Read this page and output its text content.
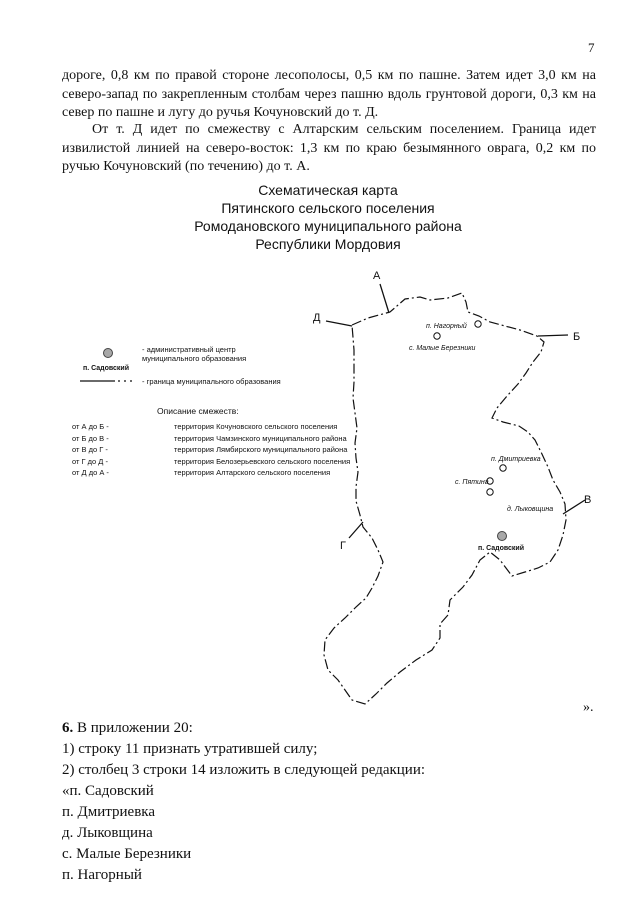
7

дороге, 0,8 км по правой стороне лесополосы, 0,5 км по пашне. Затем идет 3,0 км на северо-запад по закрепленным столбам через пашню вдоль грунтовой дороги, 0,3 км на север по пашне и лугу до ручья Кочуновский до т. Д.

От т. Д идет по смежеству с Алтарским сельским поселением. Граница идет извилистой линией на северо-восток: 1,3 км по краю безымянного оврага, 0,2 км по ручью Кочуновский (по течению) до т. А.

Схематическая карта
Пятинского сельского поселения
Ромодановского муниципального района
Республики Мордовия
А
Д
Б
В
Г
п. Нагорный
с. Малые Березники
п. Дмитриевка
с. Пятина
д. Лыковщина
п. Садовский
п. Садовский
- административный центр муниципального образования
- граница муниципального образования
Описание смежеств:
от А до Б -	территория Кочуновского сельского поселения
от Б до В -	территория Чамзинского муниципального района
от В до Г -	территория Лямбирского муниципального района
от Г до Д -	территория Белозерьевского сельского поселения
от Д до А -	территория Алтарского сельского поселения
».
6. В приложении 20:
1) строку 11 признать утратившей силу;
2) столбец 3 строки 14 изложить в следующей редакции:
«п. Садовский
п. Дмитриевка
д. Лыковщина
с. Малые Березники
п. Нагорный
